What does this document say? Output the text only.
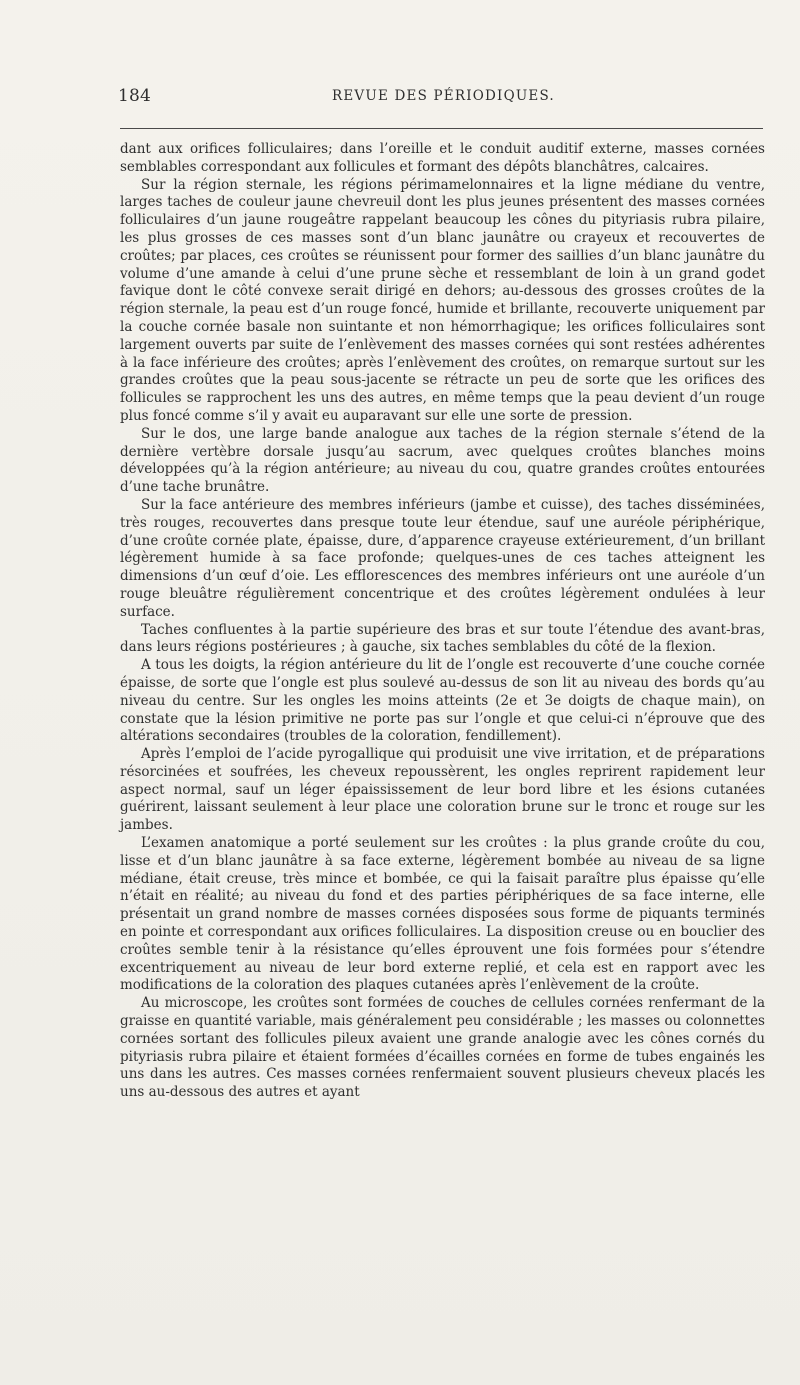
184	REVUE DES PÉRIODIQUES.

dant aux orifices folliculaires; dans l’oreille et le conduit auditif externe, masses cornées semblables correspondant aux follicules et formant des dépôts blanchâtres, calcaires.

Sur la région sternale, les régions périmamelonnaires et la ligne médiane du ventre, larges taches de couleur jaune chevreuil dont les plus jeunes présentent des masses cornées folliculaires d’un jaune rougeâtre rappelant beaucoup les cônes du pityriasis rubra pilaire, les plus grosses de ces masses sont d’un blanc jaunâtre ou crayeux et recouvertes de croûtes; par places, ces croûtes se réunissent pour former des saillies d’un blanc jaunâtre du volume d’une amande à celui d’une prune sèche et ressemblant de loin à un grand godet favique dont le côté convexe serait dirigé en dehors; au-dessous des grosses croûtes de la région sternale, la peau est d’un rouge foncé, humide et brillante, recouverte uniquement par la couche cornée basale non suintante et non hémorrhagique; les orifices folliculaires sont largement ouverts par suite de l’enlèvement des masses cornées qui sont restées adhérentes à la face inférieure des croûtes; après l’enlèvement des croûtes, on remarque surtout sur les grandes croûtes que la peau sous-jacente se rétracte un peu de sorte que les orifices des follicules se rapprochent les uns des autres, en même temps que la peau devient d’un rouge plus foncé comme s’il y avait eu auparavant sur elle une sorte de pression.

Sur le dos, une large bande analogue aux taches de la région sternale s’étend de la dernière vertèbre dorsale jusqu’au sacrum, avec quelques croûtes blanches moins développées qu’à la région antérieure; au niveau du cou, quatre grandes croûtes entourées d’une tache brunâtre.

Sur la face antérieure des membres inférieurs (jambe et cuisse), des taches disséminées, très rouges, recouvertes dans presque toute leur étendue, sauf une auréole périphérique, d’une croûte cornée plate, épaisse, dure, d’apparence crayeuse extérieurement, d’un brillant légèrement humide à sa face profonde; quelques-unes de ces taches atteignent les dimensions d’un œuf d’oie. Les efflorescences des membres inférieurs ont une auréole d’un rouge bleuâtre régulièrement concentrique et des croûtes légèrement ondulées à leur surface.

Taches confluentes à la partie supérieure des bras et sur toute l’étendue des avant-bras, dans leurs régions postérieures ; à gauche, six taches semblables du côté de la flexion.

A tous les doigts, la région antérieure du lit de l’ongle est recouverte d’une couche cornée épaisse, de sorte que l’ongle est plus soulevé au-dessus de son lit au niveau des bords qu’au niveau du centre. Sur les ongles les moins atteints (2e et 3e doigts de chaque main), on constate que la lésion primitive ne porte pas sur l’ongle et que celui-ci n’éprouve que des altérations secondaires (troubles de la coloration, fendillement).

Après l’emploi de l’acide pyrogallique qui produisit une vive irritation, et de préparations résorcinées et soufrées, les cheveux repoussèrent, les ongles reprirent rapidement leur aspect normal, sauf un léger épaississement de leur bord libre et les ésions cutanées guérirent, laissant seulement à leur place une coloration brune sur le tronc et rouge sur les jambes.

L’examen anatomique a porté seulement sur les croûtes : la plus grande croûte du cou, lisse et d’un blanc jaunâtre à sa face externe, légèrement bombée au niveau de sa ligne médiane, était creuse, très mince et bombée, ce qui la faisait paraître plus épaisse qu’elle n’était en réalité; au niveau du fond et des parties périphériques de sa face interne, elle présentait un grand nombre de masses cornées disposées sous forme de piquants terminés en pointe et correspondant aux orifices folliculaires. La disposition creuse ou en bouclier des croûtes semble tenir à la résistance qu’elles éprouvent une fois formées pour s’étendre excentriquement au niveau de leur bord externe replié, et cela est en rapport avec les modifications de la coloration des plaques cutanées après l’enlèvement de la croûte.

Au microscope, les croûtes sont formées de couches de cellules cornées renfermant de la graisse en quantité variable, mais généralement peu considérable ; les masses ou colonnettes cornées sortant des follicules pileux avaient une grande analogie avec les cônes cornés du pityriasis rubra pilaire et étaient formées d’écailles cornées en forme de tubes engainés les uns dans les autres. Ces masses cornées renfermaient souvent plusieurs cheveux placés les uns au-dessous des autres et ayant
